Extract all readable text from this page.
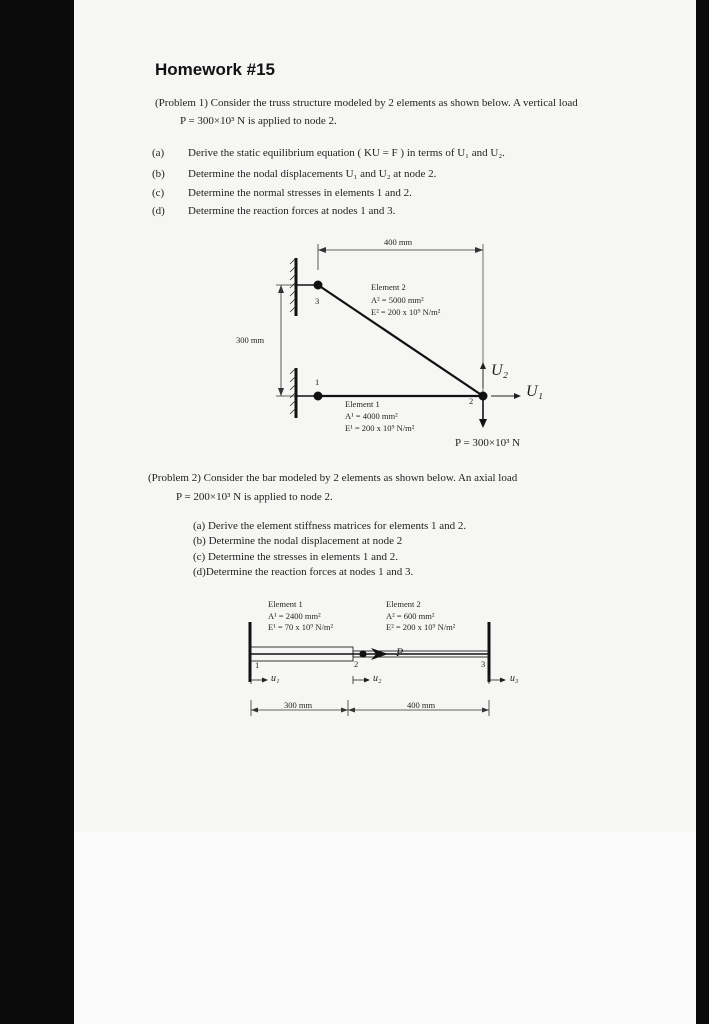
Homework #15
(Problem 1) Consider the truss structure modeled by 2 elements as shown below. A vertical load
P = 300×10³ N is applied to node 2.
(a) Derive the static equilibrium equation ( KU = F ) in terms of U₁ and U₂.
(b) Determine the nodal displacements U₁ and U₂ at node 2.
(c) Determine the normal stresses in elements 1 and 2.
(d) Determine the reaction forces at nodes 1 and 3.
400 mm
300 mm
Element 2
A² = 5000 mm²
E² = 200 x 10⁹ N/m²
Element 1
A¹ = 4000 mm²
E¹ = 200 x 10⁹ N/m²
3
1
2
U₂
U₁
P = 300×10³ N
(Problem 2) Consider the bar modeled by 2 elements as shown below. An axial load
P = 200×10³ N is applied to node 2.
(a) Derive the element stiffness matrices for elements 1 and 2.
(b) Determine the nodal displacement at node 2
(c) Determine the stresses in elements 1 and 2.
(d)Determine the reaction forces at nodes 1 and 3.
Element 1
A¹ = 2400 mm²
E¹ = 70 x 10⁹ N/m²
Element 2
A² = 600 mm²
E² = 200 x 10⁹ N/m²
1	2	3
P
u₁	u₂	u₃
300 mm	400 mm
